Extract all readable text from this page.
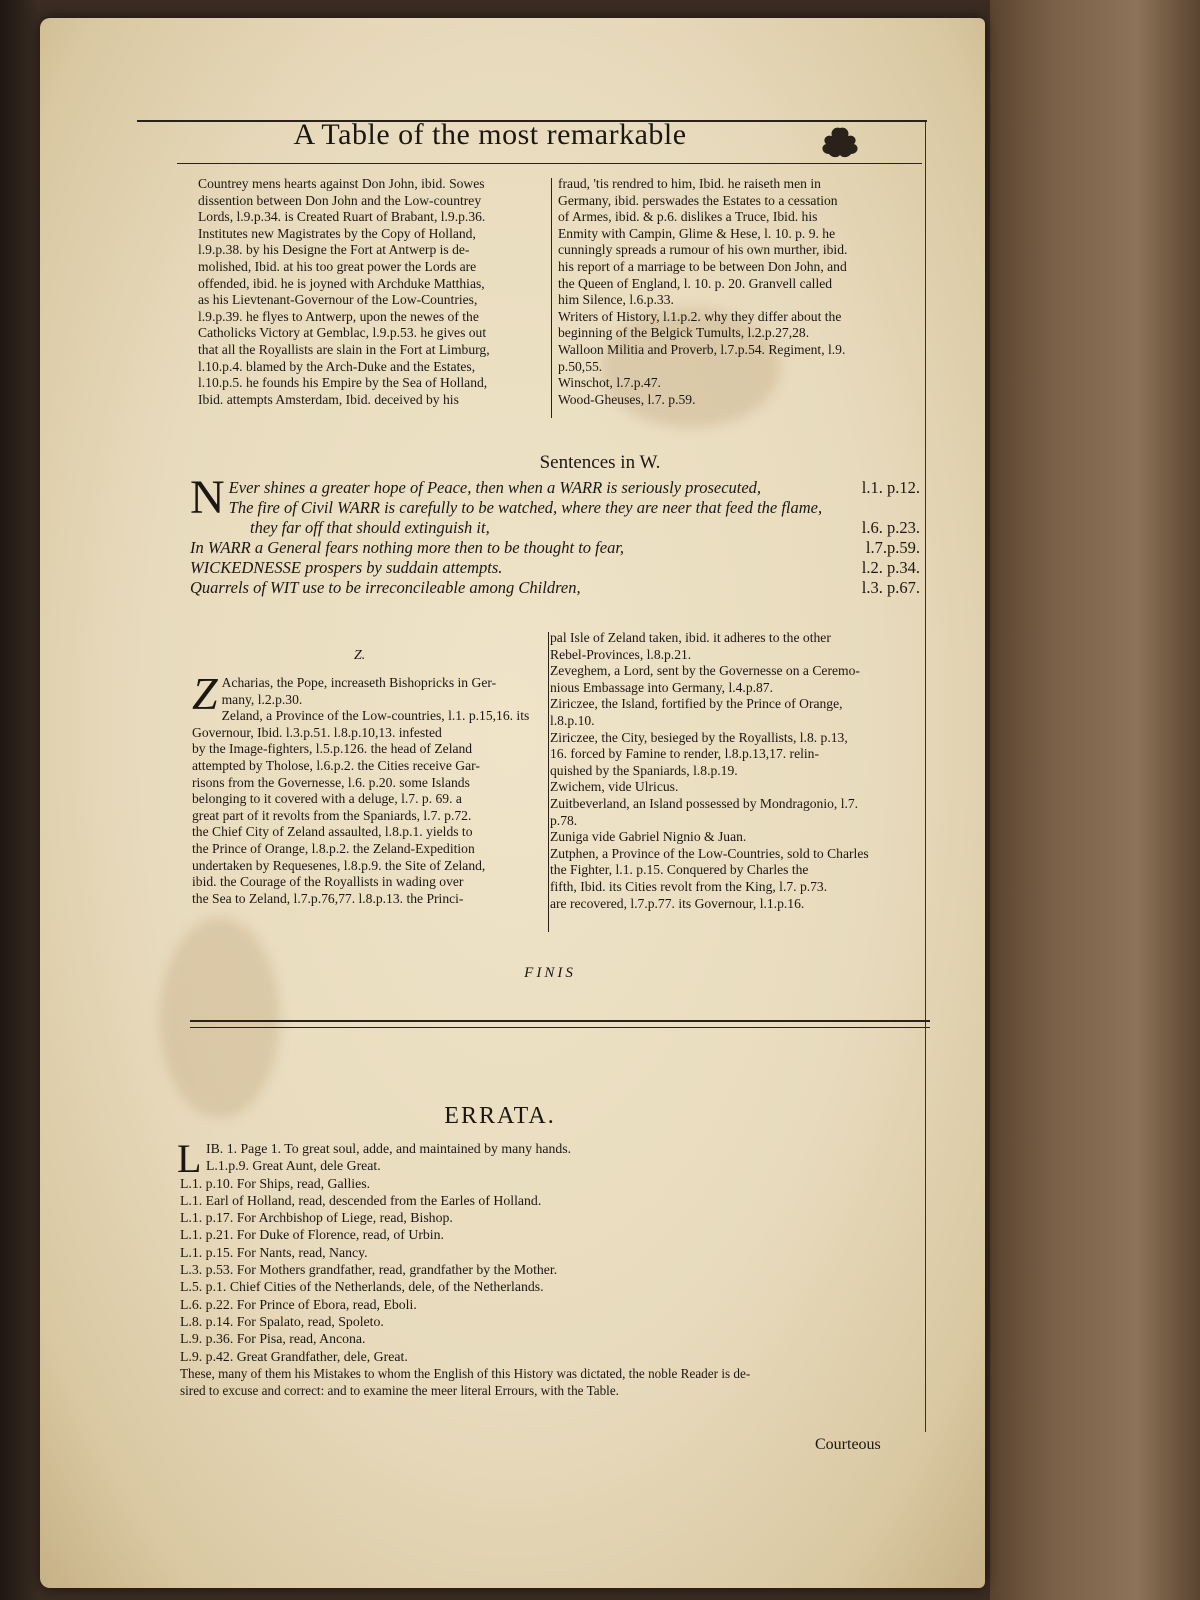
A Table of the most remarkable

Countrey mens hearts against Don John, ibid. Sowes

dissention between Don John and the Low-countrey

Lords, l.9.p.34. is Created Ruart of Brabant, l.9.p.36.

Institutes new Magistrates by the Copy of Holland,

l.9.p.38. by his Designe the Fort at Antwerp is de-

molished, Ibid. at his too great power the Lords are

offended, ibid. he is joyned with Archduke Matthias,

as his Lievtenant-Governour of the Low-Countries,

l.9.p.39. he flyes to Antwerp, upon the newes of the

Catholicks Victory at Gemblac, l.9.p.53. he gives out

that all the Royallists are slain in the Fort at Limburg,

l.10.p.4. blamed by the Arch-Duke and the Estates,

l.10.p.5. he founds his Empire by the Sea of Holland,

Ibid. attempts Amsterdam, Ibid. deceived by his

fraud, 'tis rendred to him, Ibid. he raiseth men in

Germany, ibid. perswades the Estates to a cessation

of Armes, ibid. & p.6. dislikes a Truce, Ibid. his

Enmity with Campin, Glime & Hese, l. 10. p. 9. he

cunningly spreads a rumour of his own murther, ibid.

his report of a marriage to be between Don John, and

the Queen of England, l. 10. p. 20. Granvell called

him Silence, l.6.p.33.

Writers of History, l.1.p.2. why they differ about the

beginning of the Belgick Tumults, l.2.p.27,28.

Walloon Militia and Proverb, l.7.p.54. Regiment, l.9.

p.50,55.

Winschot, l.7.p.47.

Wood-Gheuses, l.7. p.59.

Sentences in W.
N Ever shines a greater hope of Peace, then when a WARR is seriously prosecuted,	l.1. p.12.
The fire of Civil WARR is carefully to be watched, where they are neer that feed the flame,
they far off that should extinguish it,	l.6. p.23.
In WARR a General fears nothing more then to be thought to fear,	l.7.p.59.
WICKEDNESSE prospers by suddain attempts.	l.2. p.34.
Quarrels of WIT use to be irreconcileable among Children,	l.3. p.67.
Z.
Z Acharias, the Pope, increaseth Bishopricks in Ger-

many, l.2.p.30.

Zeland, a Province of the Low-countries, l.1. p.15,16. its

Governour, Ibid. l.3.p.51. l.8.p.10,13. infested

by the Image-fighters, l.5.p.126. the head of Zeland

attempted by Tholose, l.6.p.2. the Cities receive Gar-

risons from the Governesse, l.6. p.20. some Islands

belonging to it covered with a deluge, l.7. p. 69. a

great part of it revolts from the Spaniards, l.7. p.72.

the Chief City of Zeland assaulted, l.8.p.1. yields to

the Prince of Orange, l.8.p.2. the Zeland-Expedition

undertaken by Requesenes, l.8.p.9. the Site of Zeland,

ibid. the Courage of the Royallists in wading over

the Sea to Zeland, l.7.p.76,77. l.8.p.13. the Princi-

pal Isle of Zeland taken, ibid. it adheres to the other

Rebel-Provinces, l.8.p.21.

Zeveghem, a Lord, sent by the Governesse on a Ceremo-

nious Embassage into Germany, l.4.p.87.

Ziriczee, the Island, fortified by the Prince of Orange,

l.8.p.10.

Ziriczee, the City, besieged by the Royallists, l.8. p.13,

16. forced by Famine to render, l.8.p.13,17. relin-

quished by the Spaniards, l.8.p.19.

Zwichem, vide Ulricus.

Zuitbeverland, an Island possessed by Mondragonio, l.7.

p.78.

Zuniga vide Gabriel Nignio & Juan.

Zutphen, a Province of the Low-Countries, sold to Charles

the Fighter, l.1. p.15. Conquered by Charles the

fifth, Ibid. its Cities revolt from the King, l.7. p.73.

are recovered, l.7.p.77. its Governour, l.1.p.16.

FINIS
ERRATA.
L IB. 1. Page 1. To great soul, adde, and maintained by many hands.

L.1.p.9. Great Aunt, dele Great.

L.1. p.10. For Ships, read, Gallies.

L.1. Earl of Holland, read, descended from the Earles of Holland.

L.1. p.17. For Archbishop of Liege, read, Bishop.

L.1. p.21. For Duke of Florence, read, of Urbin.

L.1. p.15. For Nants, read, Nancy.

L.3. p.53. For Mothers grandfather, read, grandfather by the Mother.

L.5. p.1. Chief Cities of the Netherlands, dele, of the Netherlands.

L.6. p.22. For Prince of Ebora, read, Eboli.

L.8. p.14. For Spalato, read, Spoleto.

L.9. p.36. For Pisa, read, Ancona.

L.9. p.42. Great Grandfather, dele, Great.

These, many of them his Mistakes to whom the English of this History was dictated, the noble Reader is de-

sired to excuse and correct: and to examine the meer literal Errours, with the Table.

Courteous
